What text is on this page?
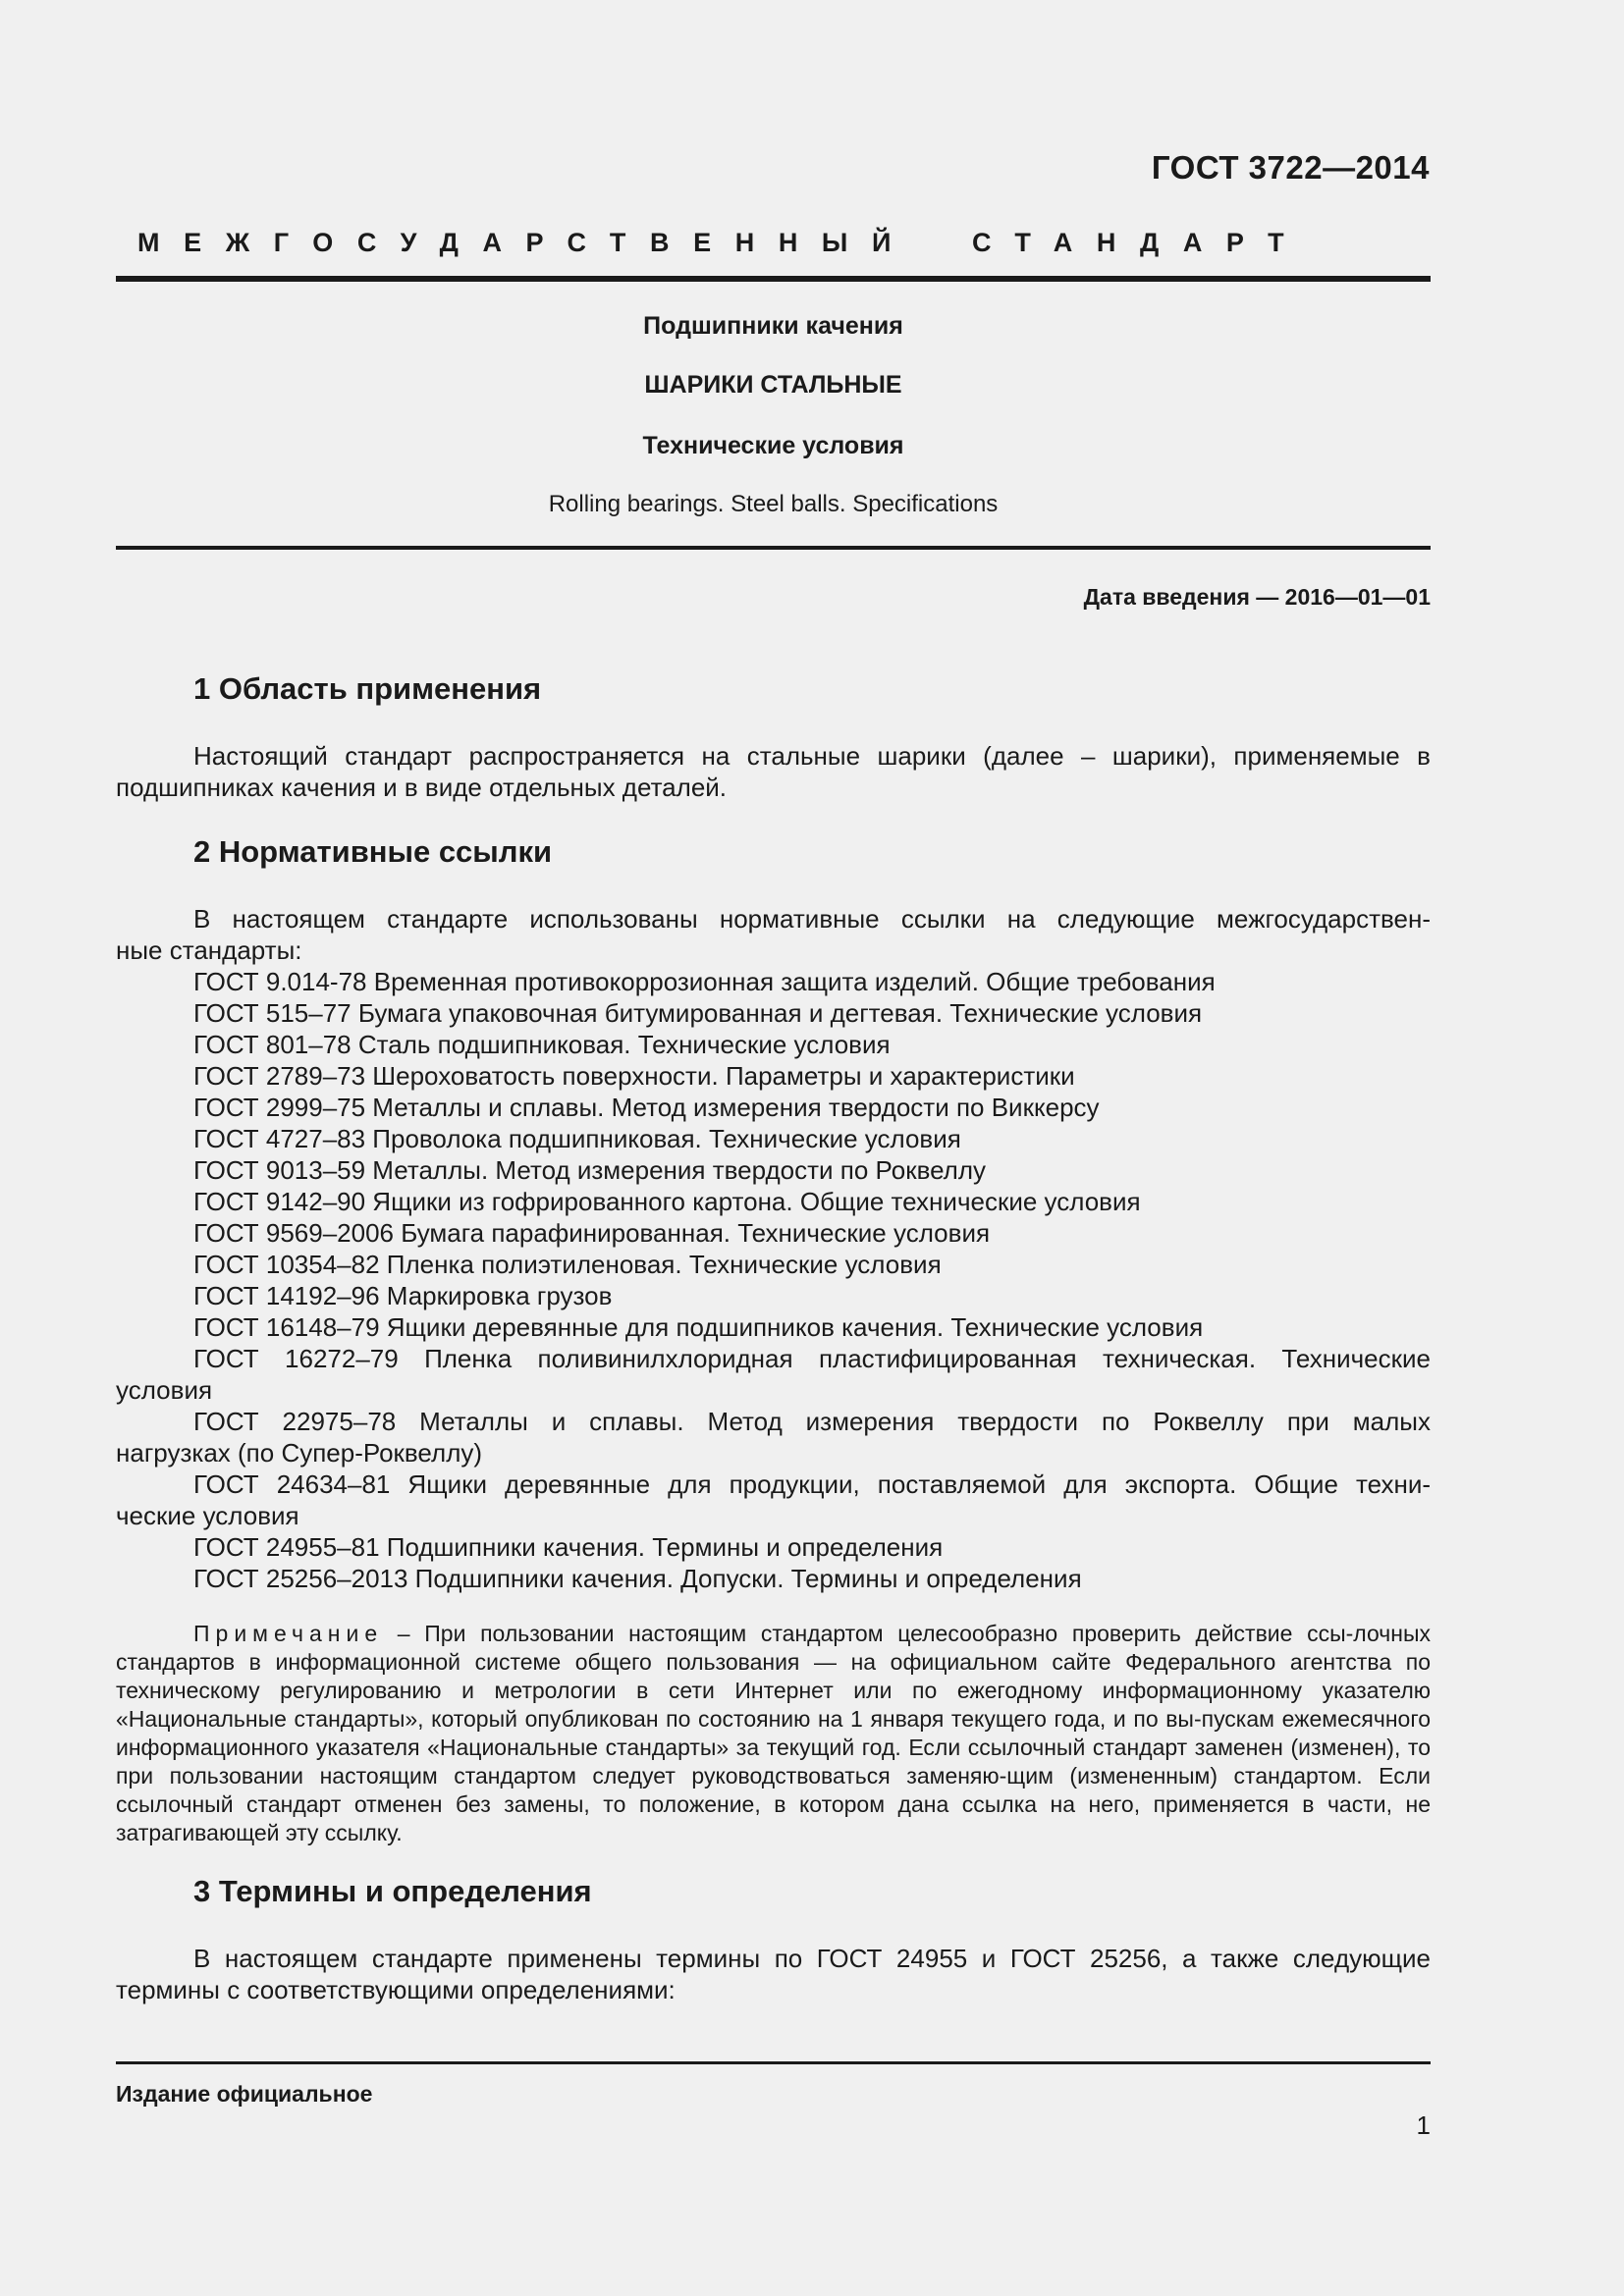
ГОСТ 3722—2014
МЕЖГОСУДАРСТВЕННЫЙ СТАНДАРТ
Подшипники качения
ШАРИКИ СТАЛЬНЫЕ
Технические условия
Rolling bearings. Steel balls. Specifications
Дата введения — 2016—01—01
1 Область применения
Настоящий стандарт распространяется на стальные шарики (далее – шарики), применяемые в
подшипниках качения и в виде отдельных деталей.
2 Нормативные ссылки
В настоящем стандарте использованы нормативные ссылки на следующие межгосударствен-
ные стандарты:
ГОСТ 9.014-78 Временная противокоррозионная защита изделий. Общие требования
ГОСТ 515–77 Бумага упаковочная битумированная и дегтевая. Технические условия
ГОСТ 801–78 Сталь подшипниковая. Технические условия
ГОСТ 2789–73 Шероховатость поверхности. Параметры и характеристики
ГОСТ 2999–75 Металлы и сплавы. Метод измерения твердости по Виккерсу
ГОСТ 4727–83 Проволока подшипниковая. Технические условия
ГОСТ 9013–59 Металлы. Метод измерения твердости по Роквеллу
ГОСТ 9142–90 Ящики из гофрированного картона. Общие технические условия
ГОСТ 9569–2006 Бумага парафинированная. Технические условия
ГОСТ 10354–82 Пленка полиэтиленовая. Технические условия
ГОСТ 14192–96 Маркировка грузов
ГОСТ 16148–79 Ящики деревянные для подшипников качения. Технические условия
ГОСТ 16272–79 Пленка поливинилхлоридная пластифицированная техническая. Технические
условия
ГОСТ 22975–78 Металлы и сплавы. Метод измерения твердости по Роквеллу при малых
нагрузках (по Супер-Роквеллу)
ГОСТ 24634–81 Ящики деревянные для продукции, поставляемой для экспорта. Общие техни-
ческие условия
ГОСТ 24955–81 Подшипники качения. Термины и определения
ГОСТ 25256–2013 Подшипники качения. Допуски. Термины и определения
Примечание – При пользовании настоящим стандартом целесообразно проверить действие ссы-лочных стандартов в информационной системе общего пользования — на официальном сайте Федерального агентства по техническому регулированию и метрологии в сети Интернет или по ежегодному информационному указателю «Национальные стандарты», который опубликован по состоянию на 1 января текущего года, и по вы-пускам ежемесячного информационного указателя «Национальные стандарты» за текущий год. Если ссылочный стандарт заменен (изменен), то при пользовании настоящим стандартом следует руководствоваться заменяю-щим (измененным) стандартом. Если ссылочный стандарт отменен без замены, то положение, в котором дана ссылка на него, применяется в части, не затрагивающей эту ссылку.
3 Термины и определения
В настоящем стандарте применены термины по ГОСТ 24955 и ГОСТ 25256, а также следующие
термины с соответствующими определениями:
Издание официальное
1
